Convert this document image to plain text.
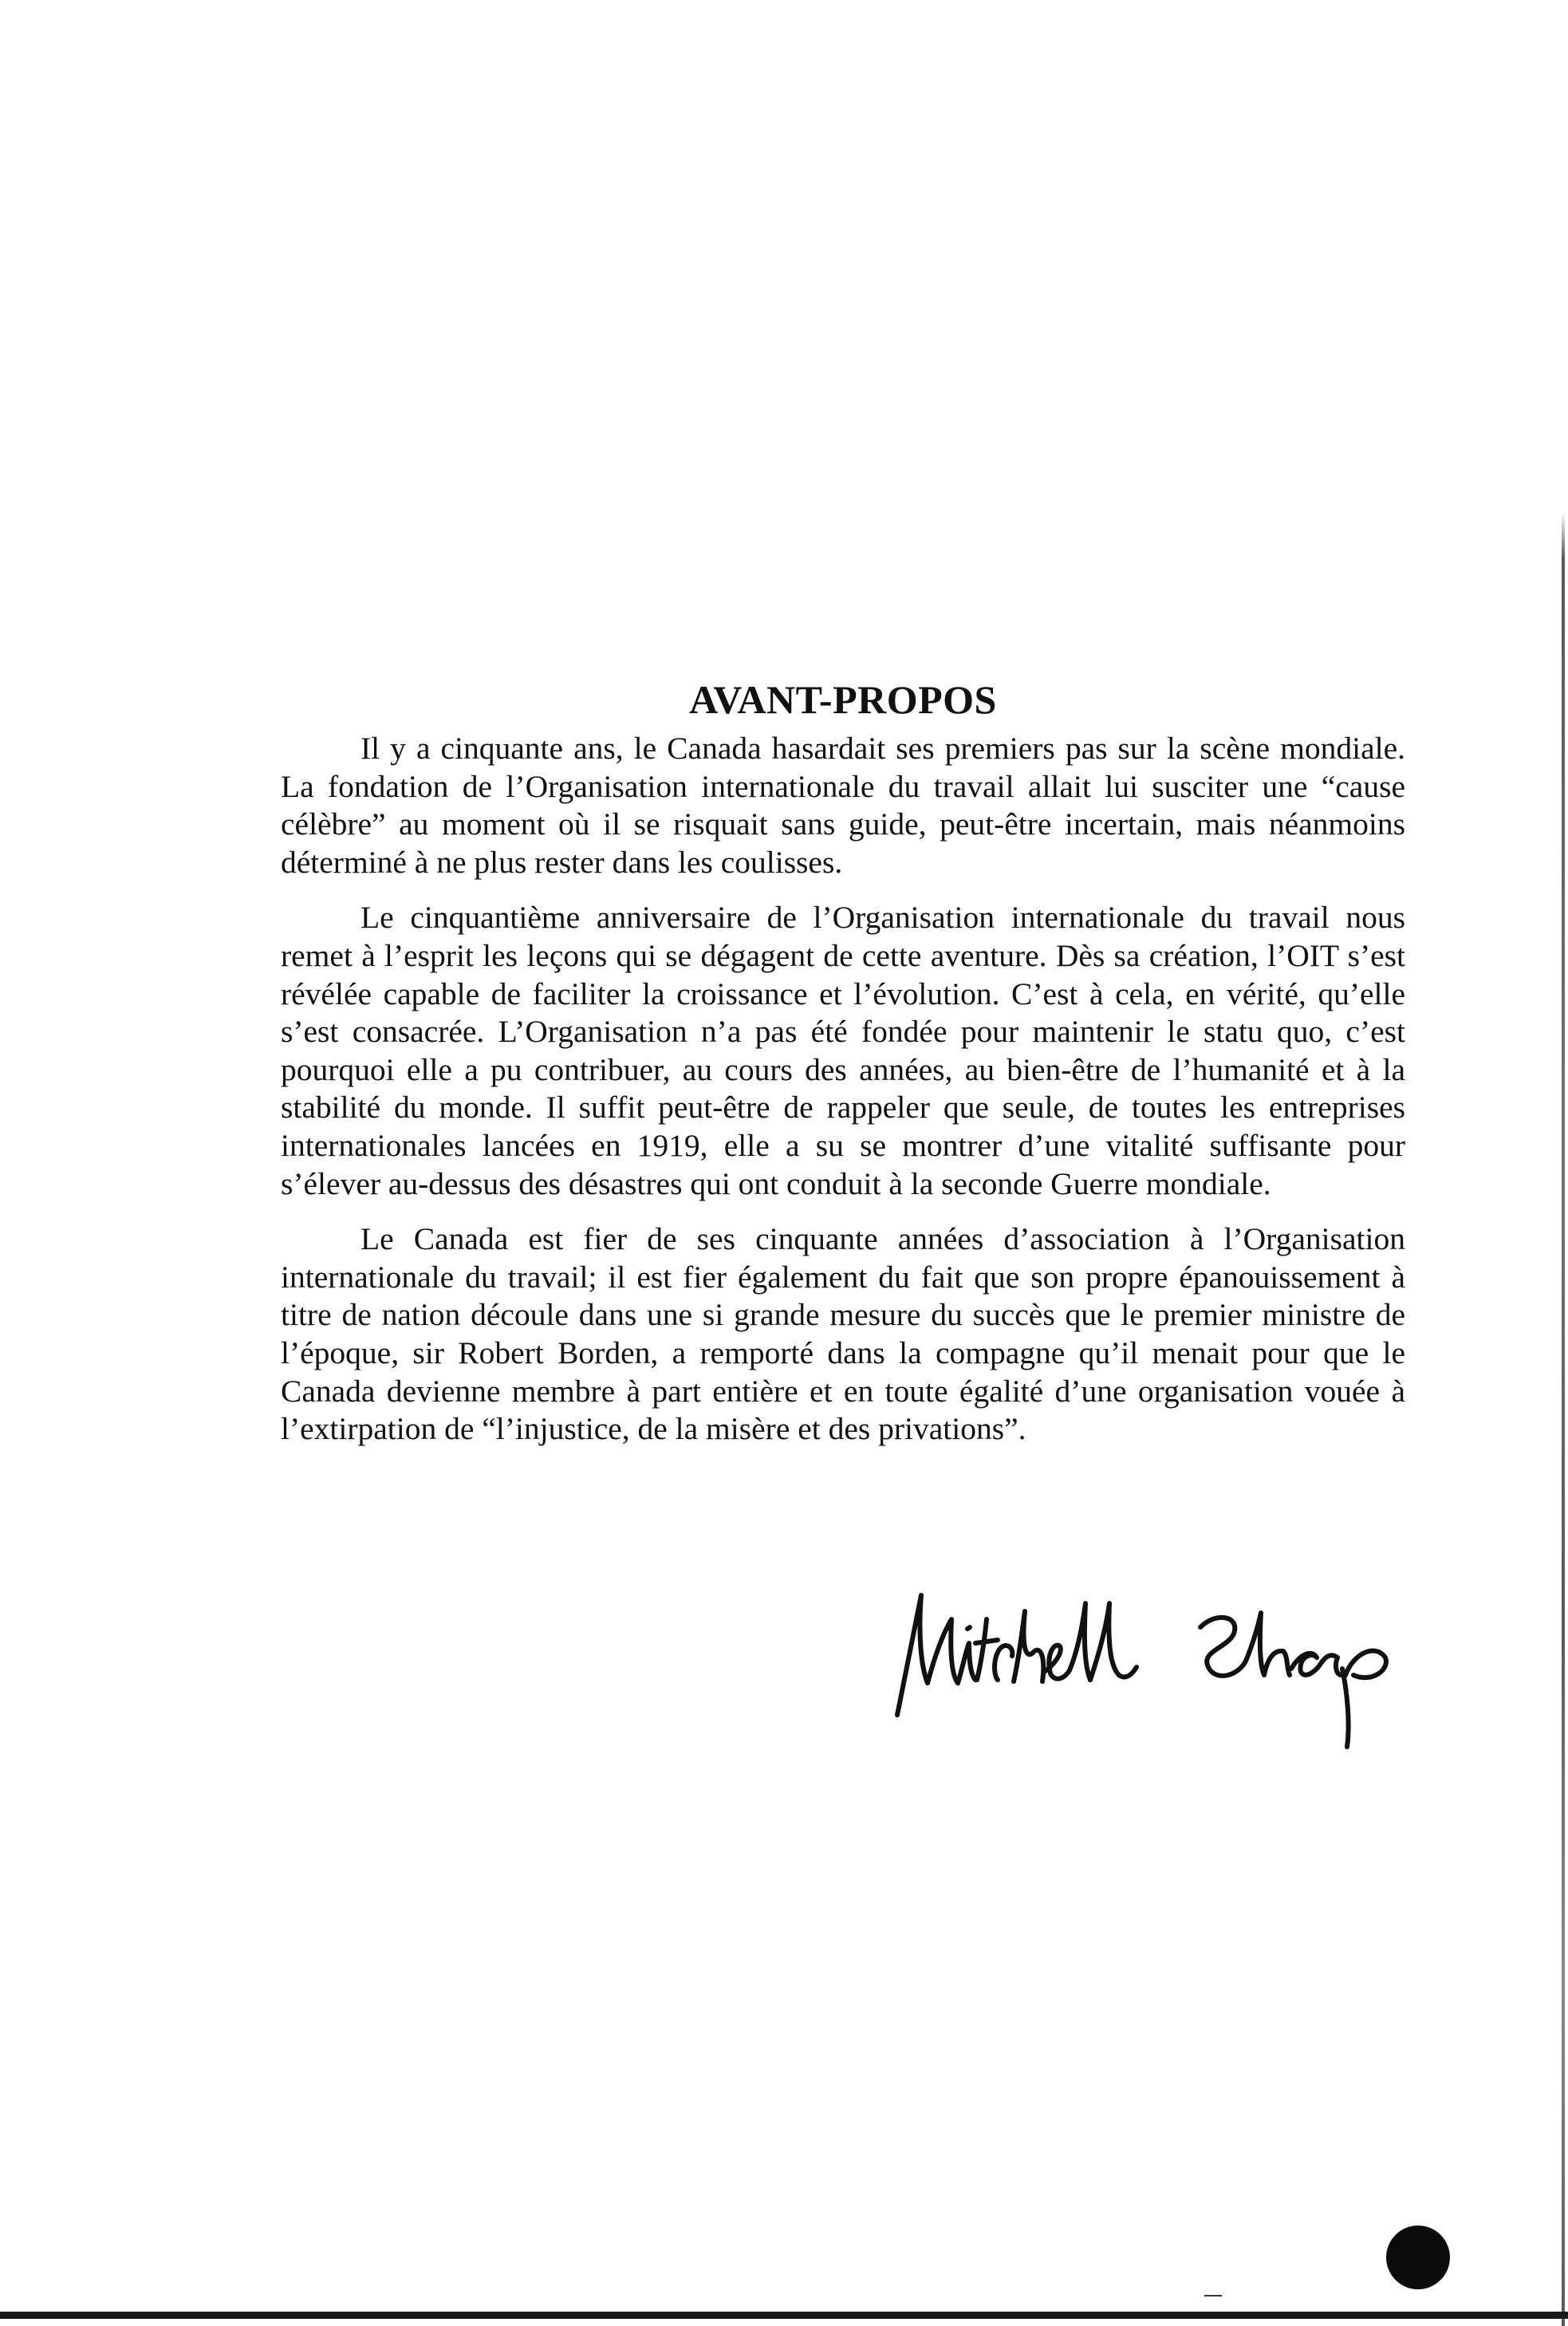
AVANT-PROPOS

Il y a cinquante ans, le Canada hasardait ses premiers pas sur la scène mondiale. La fondation de l’Organisation internationale du travail allait lui susciter une “cause célèbre” au moment où il se risquait sans guide, peut-être incertain, mais néanmoins déterminé à ne plus rester dans les coulisses.

Le cinquantième anniversaire de l’Organisation internationale du travail nous remet à l’esprit les leçons qui se dégagent de cette aventure. Dès sa création, l’OIT s’est révélée capable de faciliter la croissance et l’évolution. C’est à cela, en vérité, qu’elle s’est consacrée. L’Organisation n’a pas été fondée pour maintenir le statu quo, c’est pourquoi elle a pu contribuer, au cours des années, au bien-être de l’humanité et à la stabilité du monde. Il suffit peut-être de rappeler que seule, de toutes les entreprises internationales lancées en 1919, elle a su se montrer d’une vitalité suffisante pour s’élever au-dessus des désastres qui ont conduit à la seconde Guerre mondiale.

Le Canada est fier de ses cinquante années d’association à l’Organisation internationale du travail; il est fier également du fait que son propre épanouissement à titre de nation découle dans une si grande mesure du succès que le premier ministre de l’époque, sir Robert Borden, a remporté dans la compagne qu’il menait pour que le Canada devienne membre à part entière et en toute égalité d’une organisation vouée à l’extirpation de “l’injustice, de la misère et des privations”.
